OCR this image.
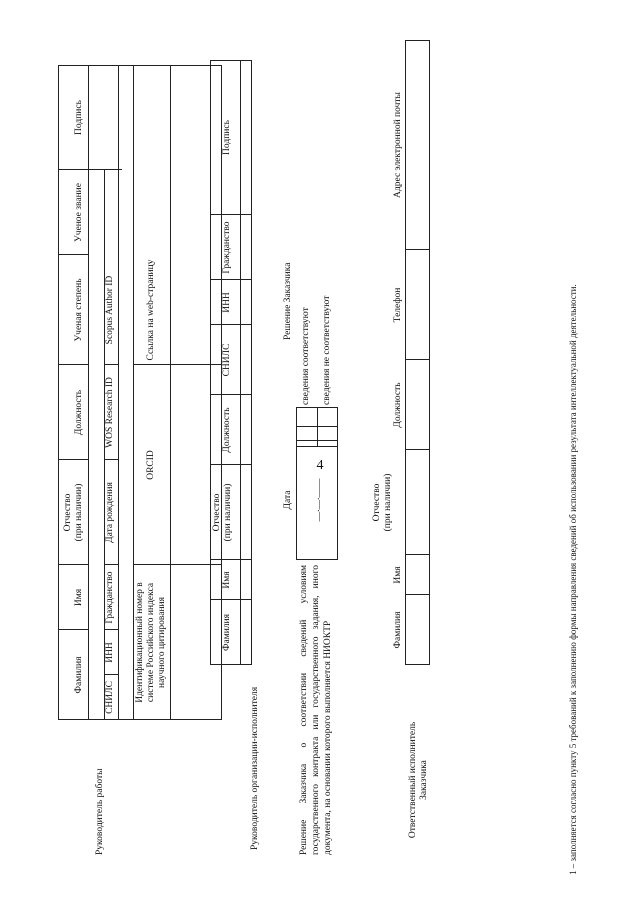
4
Руководитель работы
Фамилия
Имя
Отчество
(при наличии)
Должность
Ученая степень
Ученое звание
Подпись
СНИЛС
ИНН
Гражданство
Дата рождения
WOS Research ID
Scopus Author ID
Идентификационный номер в системе Российского индекса научного цитирования
ORCID
Ссылка на web-страницу
Руководитель организации-исполнителя
Фамилия
Имя
Отчество
(при наличии)
Должность
СНИЛС
ИНН
Гражданство
Подпись
Решение Заказчика о соответствии сведений условиям государственного контракта или государственного задания, иного документа, на основании которого выполняется НИОКТР
Дата __.__.____
Решение Заказчика
сведения соответствуют сведения не соответствуют
Ответственный исполнитель Заказчика
Фамилия
Имя
Отчество
(при наличии)
Должность
Телефон
Адрес электронной почты
1 – заполняется согласно пункту 5 требований к заполнению формы направления сведений об использовании результата интеллектуальной деятельности.
